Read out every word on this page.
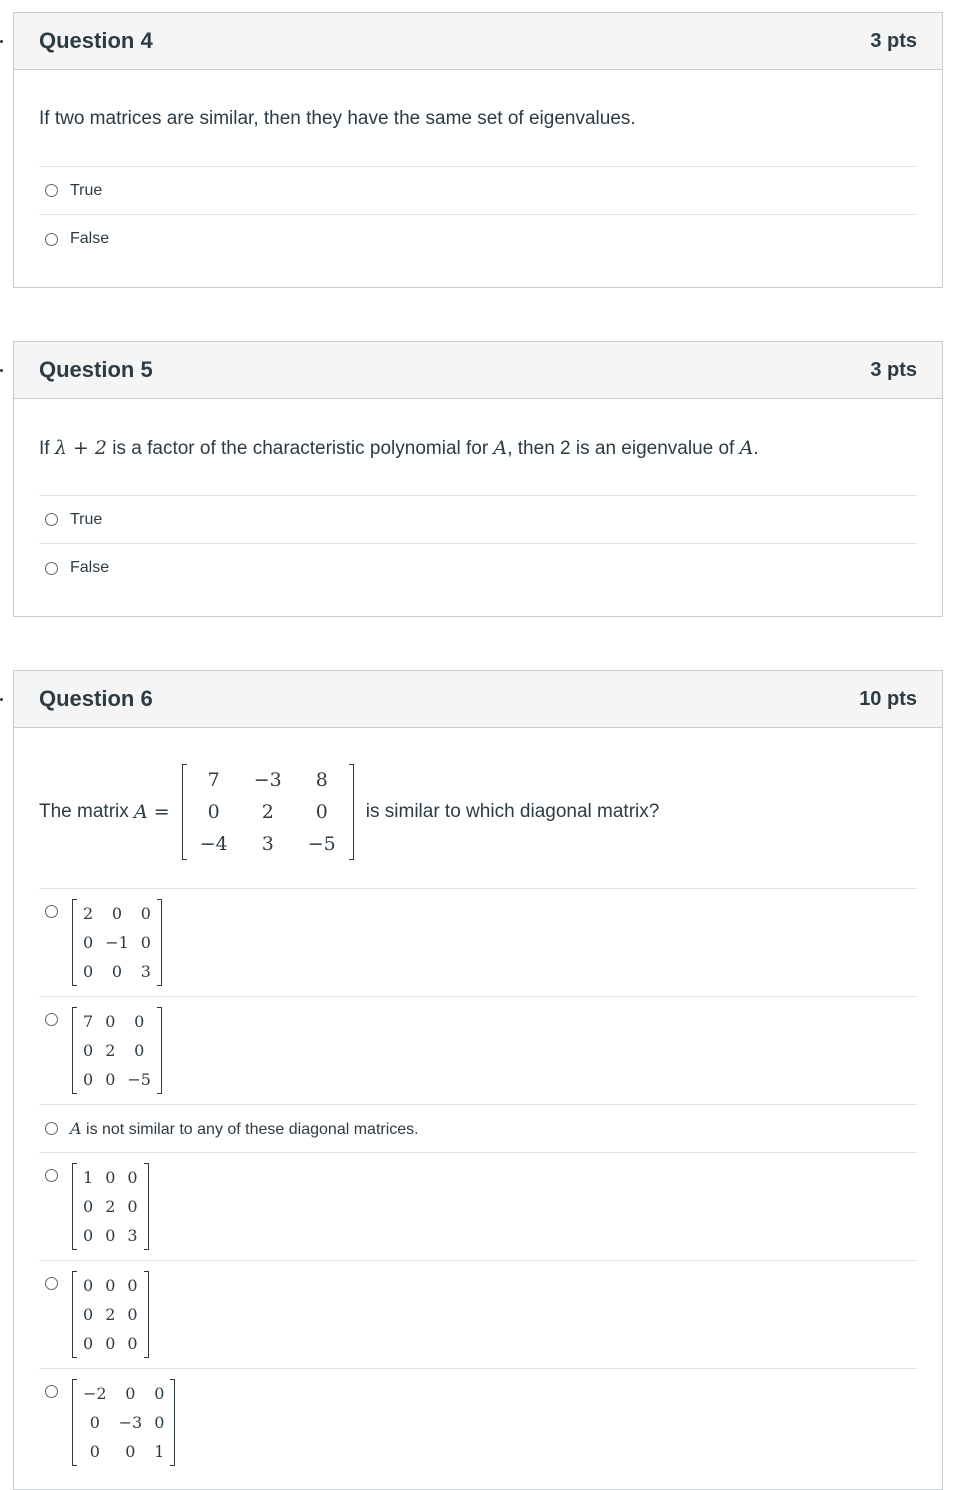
Question 4	3 pts
If two matrices are similar, then they have the same set of eigenvalues.
True
False
Question 5	3 pts
If λ + 2 is a factor of the characteristic polynomial for A, then 2 is an eigenvalue of A.
True
False
Question 6	10 pts
The matrix A =
7	−3	8
0	2	0
−4	3	−5
is similar to which diagonal matrix?
2	0	0
0	−1	0
0	0	3
7	0	0
0	2	0
0	0	−5
A is not similar to any of these diagonal matrices.
1	0	0
0	2	0
0	0	3
0	0	0
0	2	0
0	0	0
−2	0	0
0	−3	0
0	0	1
